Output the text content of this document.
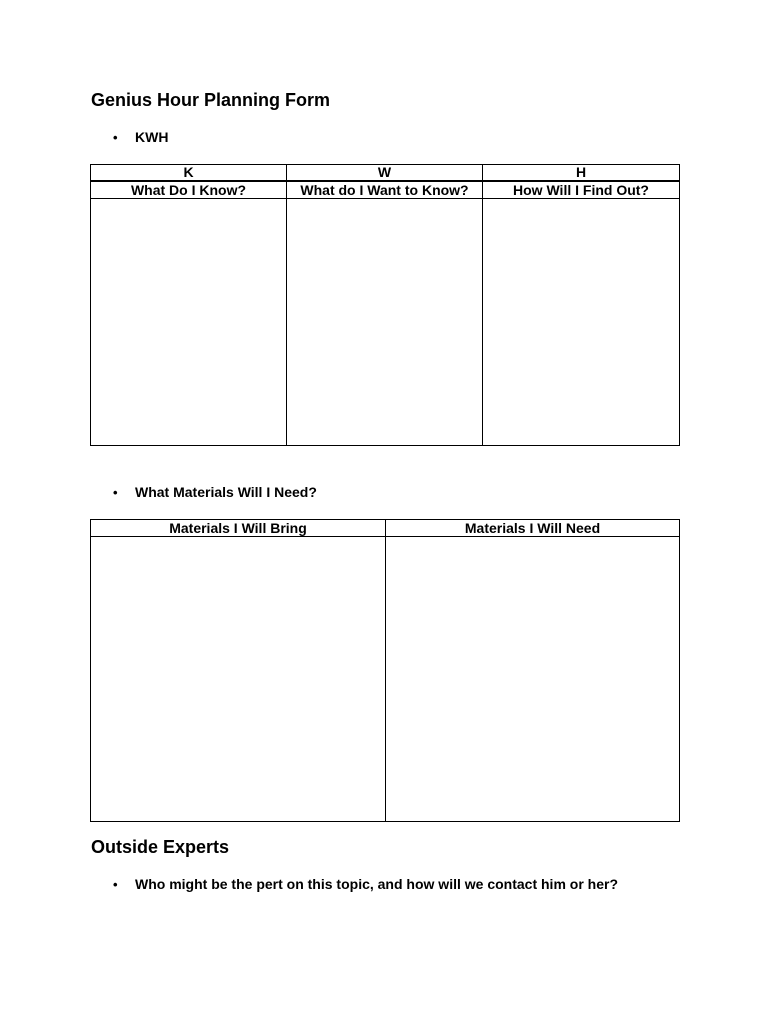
Genius Hour Planning Form
•	KWH
K	W	H
What Do I Know?	What do I Want to Know?	How Will I Find Out?

•	What Materials Will I Need?
Materials I Will Bring	Materials I Will Need

Outside Experts
•	Who might be the pert on this topic, and how will we contact him or her?
